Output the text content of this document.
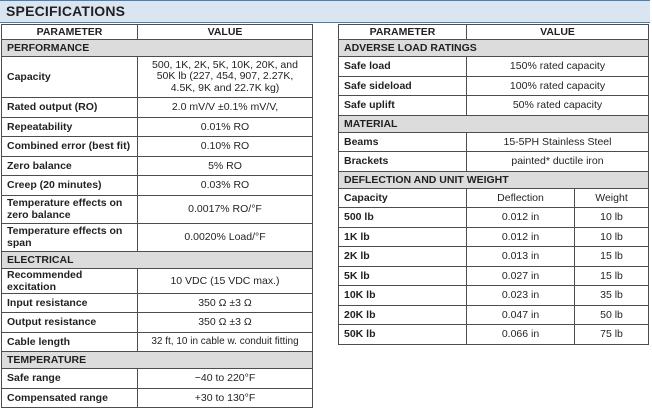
SPECIFICATIONS
PARAMETER	VALUE
PERFORMANCE	
Capacity	500, 1K, 2K, 5K, 10K, 20K, and 50K lb (227, 454, 907, 2.27K, 4.5K, 9K and 22.7K kg)
Rated output (RO)	2.0 mV/V ±0.1% mV/V,
Repeatability	0.01% RO
Combined error (best fit)	0.10% RO
Zero balance	5% RO
Creep (20 minutes)	0.03% RO
Temperature effects on zero balance	0.0017% RO/°F
Temperature effects on span	0.0020% Load/°F
ELECTRICAL	
Recommended excitation	10 VDC (15 VDC max.)
Input resistance	350 Ω ±3 Ω
Output resistance	350 Ω ±3 Ω
Cable length	32 ft, 10 in cable w. conduit fitting
TEMPERATURE	
Safe range	−40 to 220°F
Compensated range	+30 to 130°F
PARAMETER	VALUE	
ADVERSE LOAD RATINGS		
Safe load	150% rated capacity	
Safe sideload	100% rated capacity	
Safe uplift	50% rated capacity	
MATERIAL		
Beams	15-5PH Stainless Steel	
Brackets	painted* ductile iron	
DEFLECTION AND UNIT WEIGHT		
Capacity	Deflection	Weight
500 lb	0.012 in	10 lb
1K lb	0.012 in	10 lb
2K lb	0.013 in	15 lb
5K lb	0.027 in	15 lb
10K lb	0.023 in	35 lb
20K lb	0.047 in	50 lb
50K lb	0.066 in	75 lb
